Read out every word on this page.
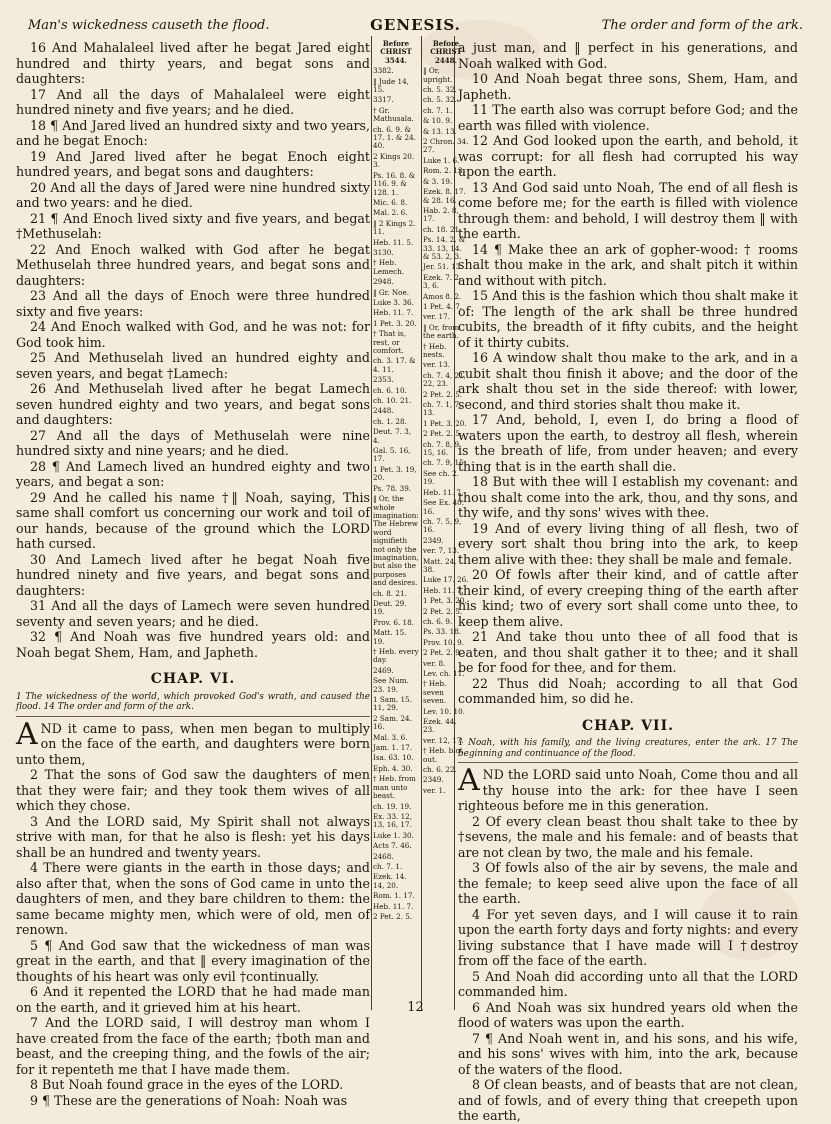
Man's wickedness causeth the flood.	GENESIS.	The order and form of the ark.

16 And Mahalaleel lived after he begat Jared eight hundred and thirty years, and begat sons and daughters:

17 And all the days of Mahalaleel were eight hundred ninety and five years; and he died.

18 ¶ And Jared lived an hundred sixty and two years, and he begat Enoch:

19 And Jared lived after he begat Enoch eight hundred years, and begat sons and daughters:

20 And all the days of Jared were nine hundred sixty and two years: and he died.

21 ¶ And Enoch lived sixty and five years, and begat †Methuselah:

22 And Enoch walked with God after he begat Methuselah three hundred years, and begat sons and daughters:

23 And all the days of Enoch were three hundred sixty and five years:

24 And Enoch walked with God, and he was not: for God took him.

25 And Methuselah lived an hundred eighty and seven years, and begat †Lamech:

26 And Methuselah lived after he begat Lamech seven hundred eighty and two years, and begat sons and daughters:

27 And all the days of Methuselah were nine hundred sixty and nine years; and he died.

28 ¶ And Lamech lived an hundred eighty and two years, and begat a son:

29 And he called his name †‖ Noah, saying, This same shall comfort us concerning our work and toil of our hands, because of the ground which the LORD hath cursed.

30 And Lamech lived after he begat Noah five hundred ninety and five years, and begat sons and daughters:

31 And all the days of Lamech were seven hundred seventy and seven years; and he died.

32 ¶ And Noah was five hundred years old: and Noah begat Shem, Ham, and Japheth.

CHAP. VI.
1 The wickedness of the world, which provoked God's wrath, and caused the flood. 14 The order and form of the ark.

AND it came to pass, when men began to multiply on the face of the earth, and daughters were born unto them,

2 That the sons of God saw the daughters of men that they were fair; and they took them wives of all which they chose.

3 And the LORD said, My Spirit shall not always strive with man, for that he also is flesh: yet his days shall be an hundred and twenty years.

4 There were giants in the earth in those days; and also after that, when the sons of God came in unto the daughters of men, and they bare children to them: the same became mighty men, which were of old, men of renown.

5 ¶ And God saw that the wickedness of man was great in the earth, and that ‖ every imagination of the thoughts of his heart was only evil †continually.

6 And it repented the LORD that he had made man on the earth, and it grieved him at his heart.

7 And the LORD said, I will destroy man whom I have created from the face of the earth; †both man and beast, and the creeping thing, and the fowls of the air; for it repenteth me that I have made them.

8 But Noah found grace in the eyes of the LORD.

9 ¶ These are the generations of Noah: Noah was

Before CHRIST 3544.

3382.

‖ Jude 14, 15.

3317.

† Gr. Mathusala.

ch. 6. 9. & 17. 1. & 24. 40.

2 Kings 20. 3.

Ps. 16. 8. & 116. 9. & 128. 1.

Mic. 6. 8.

Mal. 2. 6.

‖ 2 Kings 2. 11.

Heb. 11. 5.

3130.

† Heb. Lemech.

2948.

‖ Gr. Noe.

Luke 3. 36.

Heb. 11. 7.

1 Pet. 3. 20.

† That is, rest, or comfort.

ch. 3. 17. & 4. 11.

2353.

ch. 6. 10.

ch. 10. 21.

2448.

ch. 1. 28.

Deut. 7. 3, 4.

Gal. 5. 16, 17.

1 Pet. 3. 19, 20.

Ps. 78. 39.

‖ Or, the whole imagination: The Hebrew word signifieth not only the imagination, but also the purposes and desires.

ch. 8. 21.

Deut. 29. 19.

Prov. 6. 18.

Matt. 15. 19.

† Heb. every day.

2469.

See Num. 23. 19.

1 Sam. 15. 11, 29.

2 Sam. 24. 16.

Mal. 3. 6.

Jam. 1. 17.

Isa. 63. 10.

Eph. 4. 30.

† Heb. from man unto beast.

ch. 19. 19.

Ex. 33. 12, 13, 16, 17.

Luke 1. 30.

Acts 7. 46.

2468.

ch. 7. 1.

Ezek. 14. 14, 20.

Rom. 1. 17.

Heb. 11. 7.

2 Pet. 2. 5.

Before CHRIST 2448.

‖ Or, upright.

ch. 5. 32.

ch. 5. 32.

ch. 7. 1.

& 10. 9.

& 13. 13.

2 Chron. 34. 27.

Luke 1. 6.

Rom. 2. 13.

& 3. 19.

Ezek. 8. 17. & 28. 16.

Hab. 2. 8, 17.

ch. 18. 21.

Ps. 14. 2. & 33. 13, 14. & 53. 2, 3.

Jer. 51. 13.

Ezek. 7. 2, 3, 6.

Amos 8. 2.

1 Pet. 4. 7.

ver. 17.

‖ Or, from the earth.

† Heb. nests.

ver. 13.

ch. 7. 4, 21, 22, 23.

2 Pet. 2. 5.

ch. 7. 1, 7, 13.

1 Pet. 3. 20.

2 Pet. 2. 5.

ch. 7. 8, 9, 15, 16.

ch. 7. 9, 15.

See ch. 2. 19.

Heb. 11. 7.

See Ex. 40. 16.

ch. 7. 5, 9, 16.

2349.

ver. 7, 13.

Matt. 24. 38.

Luke 17. 26.

Heb. 11. 7.

1 Pet. 3. 20.

2 Pet. 2. 5.

ch. 6. 9.

Ps. 33. 18.

Prov. 10. 9.

2 Pet. 2. 9.

ver. 8.

Lev. ch. 11.

† Heb. seven seven.

Lev. 10. 10.

Ezek. 44. 23.

ver. 12, 17.

† Heb. blot out.

ch. 6. 22.

2349.

ver. 1.

a just man, and ‖ perfect in his generations, and Noah walked with God.

10 And Noah begat three sons, Shem, Ham, and Japheth.

11 The earth also was corrupt before God; and the earth was filled with violence.

12 And God looked upon the earth, and behold, it was corrupt: for all flesh had corrupted his way upon the earth.

13 And God said unto Noah, The end of all flesh is come before me; for the earth is filled with violence through them: and behold, I will destroy them ‖ with the earth.

14 ¶ Make thee an ark of gopher-wood: † rooms shalt thou make in the ark, and shalt pitch it within and without with pitch.

15 And this is the fashion which thou shalt make it of: The length of the ark shall be three hundred cubits, the breadth of it fifty cubits, and the height of it thirty cubits.

16 A window shalt thou make to the ark, and in a cubit shalt thou finish it above; and the door of the ark shalt thou set in the side thereof: with lower, second, and third stories shalt thou make it.

17 And, behold, I, even I, do bring a flood of waters upon the earth, to destroy all flesh, wherein is the breath of life, from under heaven; and every thing that is in the earth shall die.

18 But with thee will I establish my covenant: and thou shalt come into the ark, thou, and thy sons, and thy wife, and thy sons' wives with thee.

19 And of every living thing of all flesh, two of every sort shalt thou bring into the ark, to keep them alive with thee: they shall be male and female.

20 Of fowls after their kind, and of cattle after their kind, of every creeping thing of the earth after his kind; two of every sort shall come unto thee, to keep them alive.

21 And take thou unto thee of all food that is eaten, and thou shalt gather it to thee; and it shall be for food for thee, and for them.

22 Thus did Noah; according to all that God commanded him, so did he.

CHAP. VII.
1 Noah, with his family, and the living creatures, enter the ark. 17 The beginning and continuance of the flood.

AND the LORD said unto Noah, Come thou and all thy house into the ark: for thee have I seen righteous before me in this generation.

2 Of every clean beast thou shalt take to thee by †sevens, the male and his female: and of beasts that are not clean by two, the male and his female.

3 Of fowls also of the air by sevens, the male and the female; to keep seed alive upon the face of all the earth.

4 For yet seven days, and I will cause it to rain upon the earth forty days and forty nights: and every living substance that I have made will I †destroy from off the face of the earth.

5 And Noah did according unto all that the LORD commanded him.

6 And Noah was six hundred years old when the flood of waters was upon the earth.

7 ¶ And Noah went in, and his sons, and his wife, and his sons' wives with him, into the ark, because of the waters of the flood.

8 Of clean beasts, and of beasts that are not clean, and of fowls, and of every thing that creepeth upon the earth,

12
